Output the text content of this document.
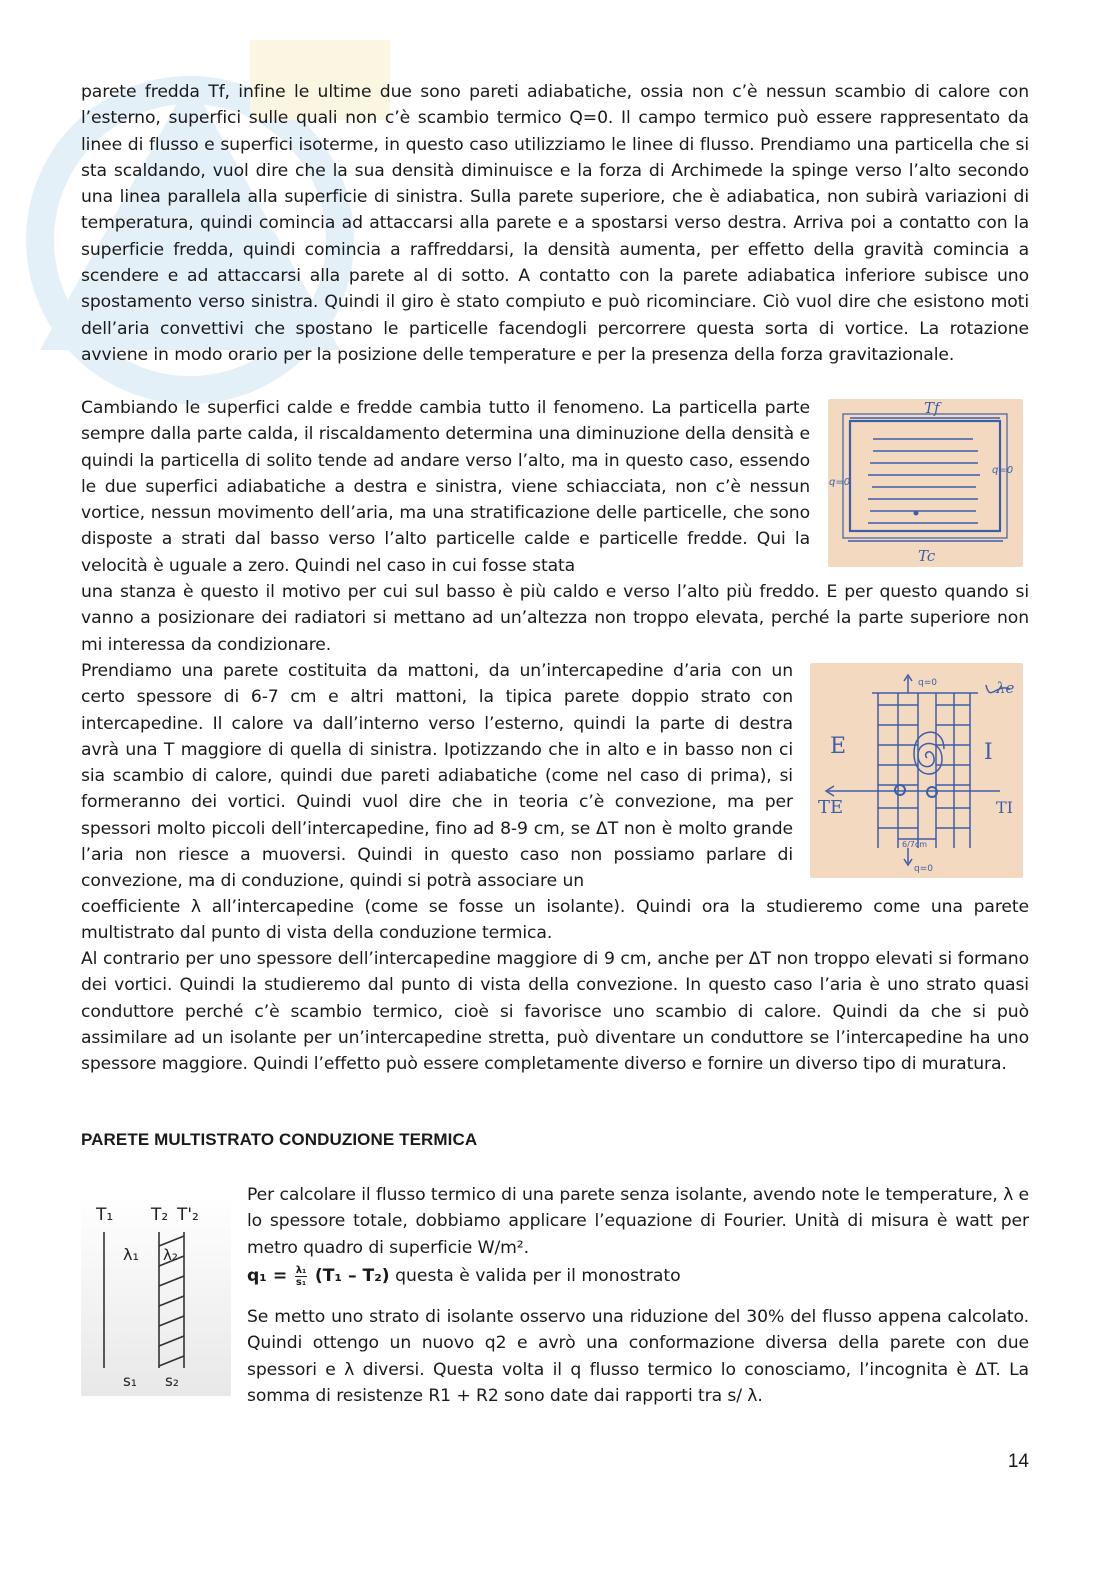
parete fredda Tf, infine le ultime due sono pareti adiabatiche, ossia non c’è nessun scambio di calore con l’esterno, superfici sulle quali non c’è scambio termico Q=0. Il campo termico può essere rappresentato da linee di flusso e superfici isoterme, in questo caso utilizziamo le linee di flusso. Prendiamo una particella che si sta scaldando, vuol dire che la sua densità diminuisce e la forza di Archimede la spinge verso l’alto secondo una linea parallela alla superficie di sinistra. Sulla parete superiore, che è adiabatica, non subirà variazioni di temperatura, quindi comincia ad attaccarsi alla parete e a spostarsi verso destra. Arriva poi a contatto con la superficie fredda, quindi comincia a raffreddarsi, la densità aumenta, per effetto della gravità comincia a scendere e ad attaccarsi alla parete al di sotto. A contatto con la parete adiabatica inferiore subisce uno spostamento verso sinistra. Quindi il giro è stato compiuto e può ricominciare. Ciò vuol dire che esistono moti dell’aria convettivi che spostano le particelle facendogli percorrere questa sorta di vortice. La rotazione avviene in modo orario per la posizione delle temperature e per la presenza della forza gravitazionale.

Cambiando le superfici calde e fredde cambia tutto il fenomeno. La particella parte sempre dalla parte calda, il riscaldamento determina una diminuzione della densità e quindi la particella di solito tende ad andare verso l’alto, ma in questo caso, essendo le due superfici adiabatiche a destra e sinistra, viene schiacciata, non c’è nessun vortice, nessun movimento dell’aria, ma una stratificazione delle particelle, che sono disposte a strati dal basso verso l’alto particelle calde e particelle fredde. Qui la velocità è uguale a zero. Quindi nel caso in cui fosse stata

Tf
Tc
q=0
q=0

una stanza è questo il motivo per cui sul basso è più caldo e verso l’alto più freddo. E per questo quando si vanno a posizionare dei radiatori si mettano ad un’altezza non troppo elevata, perché la parte superiore non mi interessa da condizionare.

Prendiamo una parete costituita da mattoni, da un’intercapedine d’aria con un certo spessore di 6-7 cm e altri mattoni, la tipica parete doppio strato con intercapedine. Il calore va dall’interno verso l’esterno, quindi la parte di destra avrà una T maggiore di quella di sinistra. Ipotizzando che in alto e in basso non ci sia scambio di calore, quindi due pareti adiabatiche (come nel caso di prima), si formeranno dei vortici. Quindi vuol dire che in teoria c’è convezione, ma per spessori molto piccoli dell’intercapedine, fino ad 8-9 cm, se ΔT non è molto grande l’aria non riesce a muoversi. Quindi in questo caso non possiamo parlare di convezione, ma di conduzione, quindi si potrà associare un

E	I
TE	TI
q=0
q=0
λe
6/7cm

coefficiente λ all’intercapedine (come se fosse un isolante). Quindi ora la studieremo come una parete multistrato dal punto di vista della conduzione termica.

Al contrario per uno spessore dell’intercapedine maggiore di 9 cm, anche per ΔT non troppo elevati si formano dei vortici. Quindi la studieremo dal punto di vista della convezione. In questo caso l’aria è uno strato quasi conduttore perché c’è scambio termico, cioè si favorisce uno scambio di calore. Quindi da che si può assimilare ad un isolante per un’intercapedine stretta, può diventare un conduttore se l’intercapedine ha uno spessore maggiore. Quindi l’effetto può essere completamente diverso e fornire un diverso tipo di muratura.

PARETE MULTISTRATO CONDUZIONE TERMICA
T₁ T₂ T'₂
λ₁ λ₂
s₁ s₂

Per calcolare il flusso termico di una parete senza isolante, avendo note le temperature, λ e lo spessore totale, dobbiamo applicare l’equazione di Fourier. Unità di misura è watt per metro quadro di superficie W/m².

$q_1 = \frac{\text{λ₁}}{\text{s₁}} (T_1 - T_2)$ questa è valida per il monostrato

Se metto uno strato di isolante osservo una riduzione del 30% del flusso appena calcolato. Quindi ottengo un nuovo q2 e avrò una conformazione diversa della parete con due spessori e λ diversi. Questa volta il q flusso termico lo conosciamo, l’incognita è ΔT. La somma di resistenze R1 + R2 sono date dai rapporti tra s/ λ.

14
